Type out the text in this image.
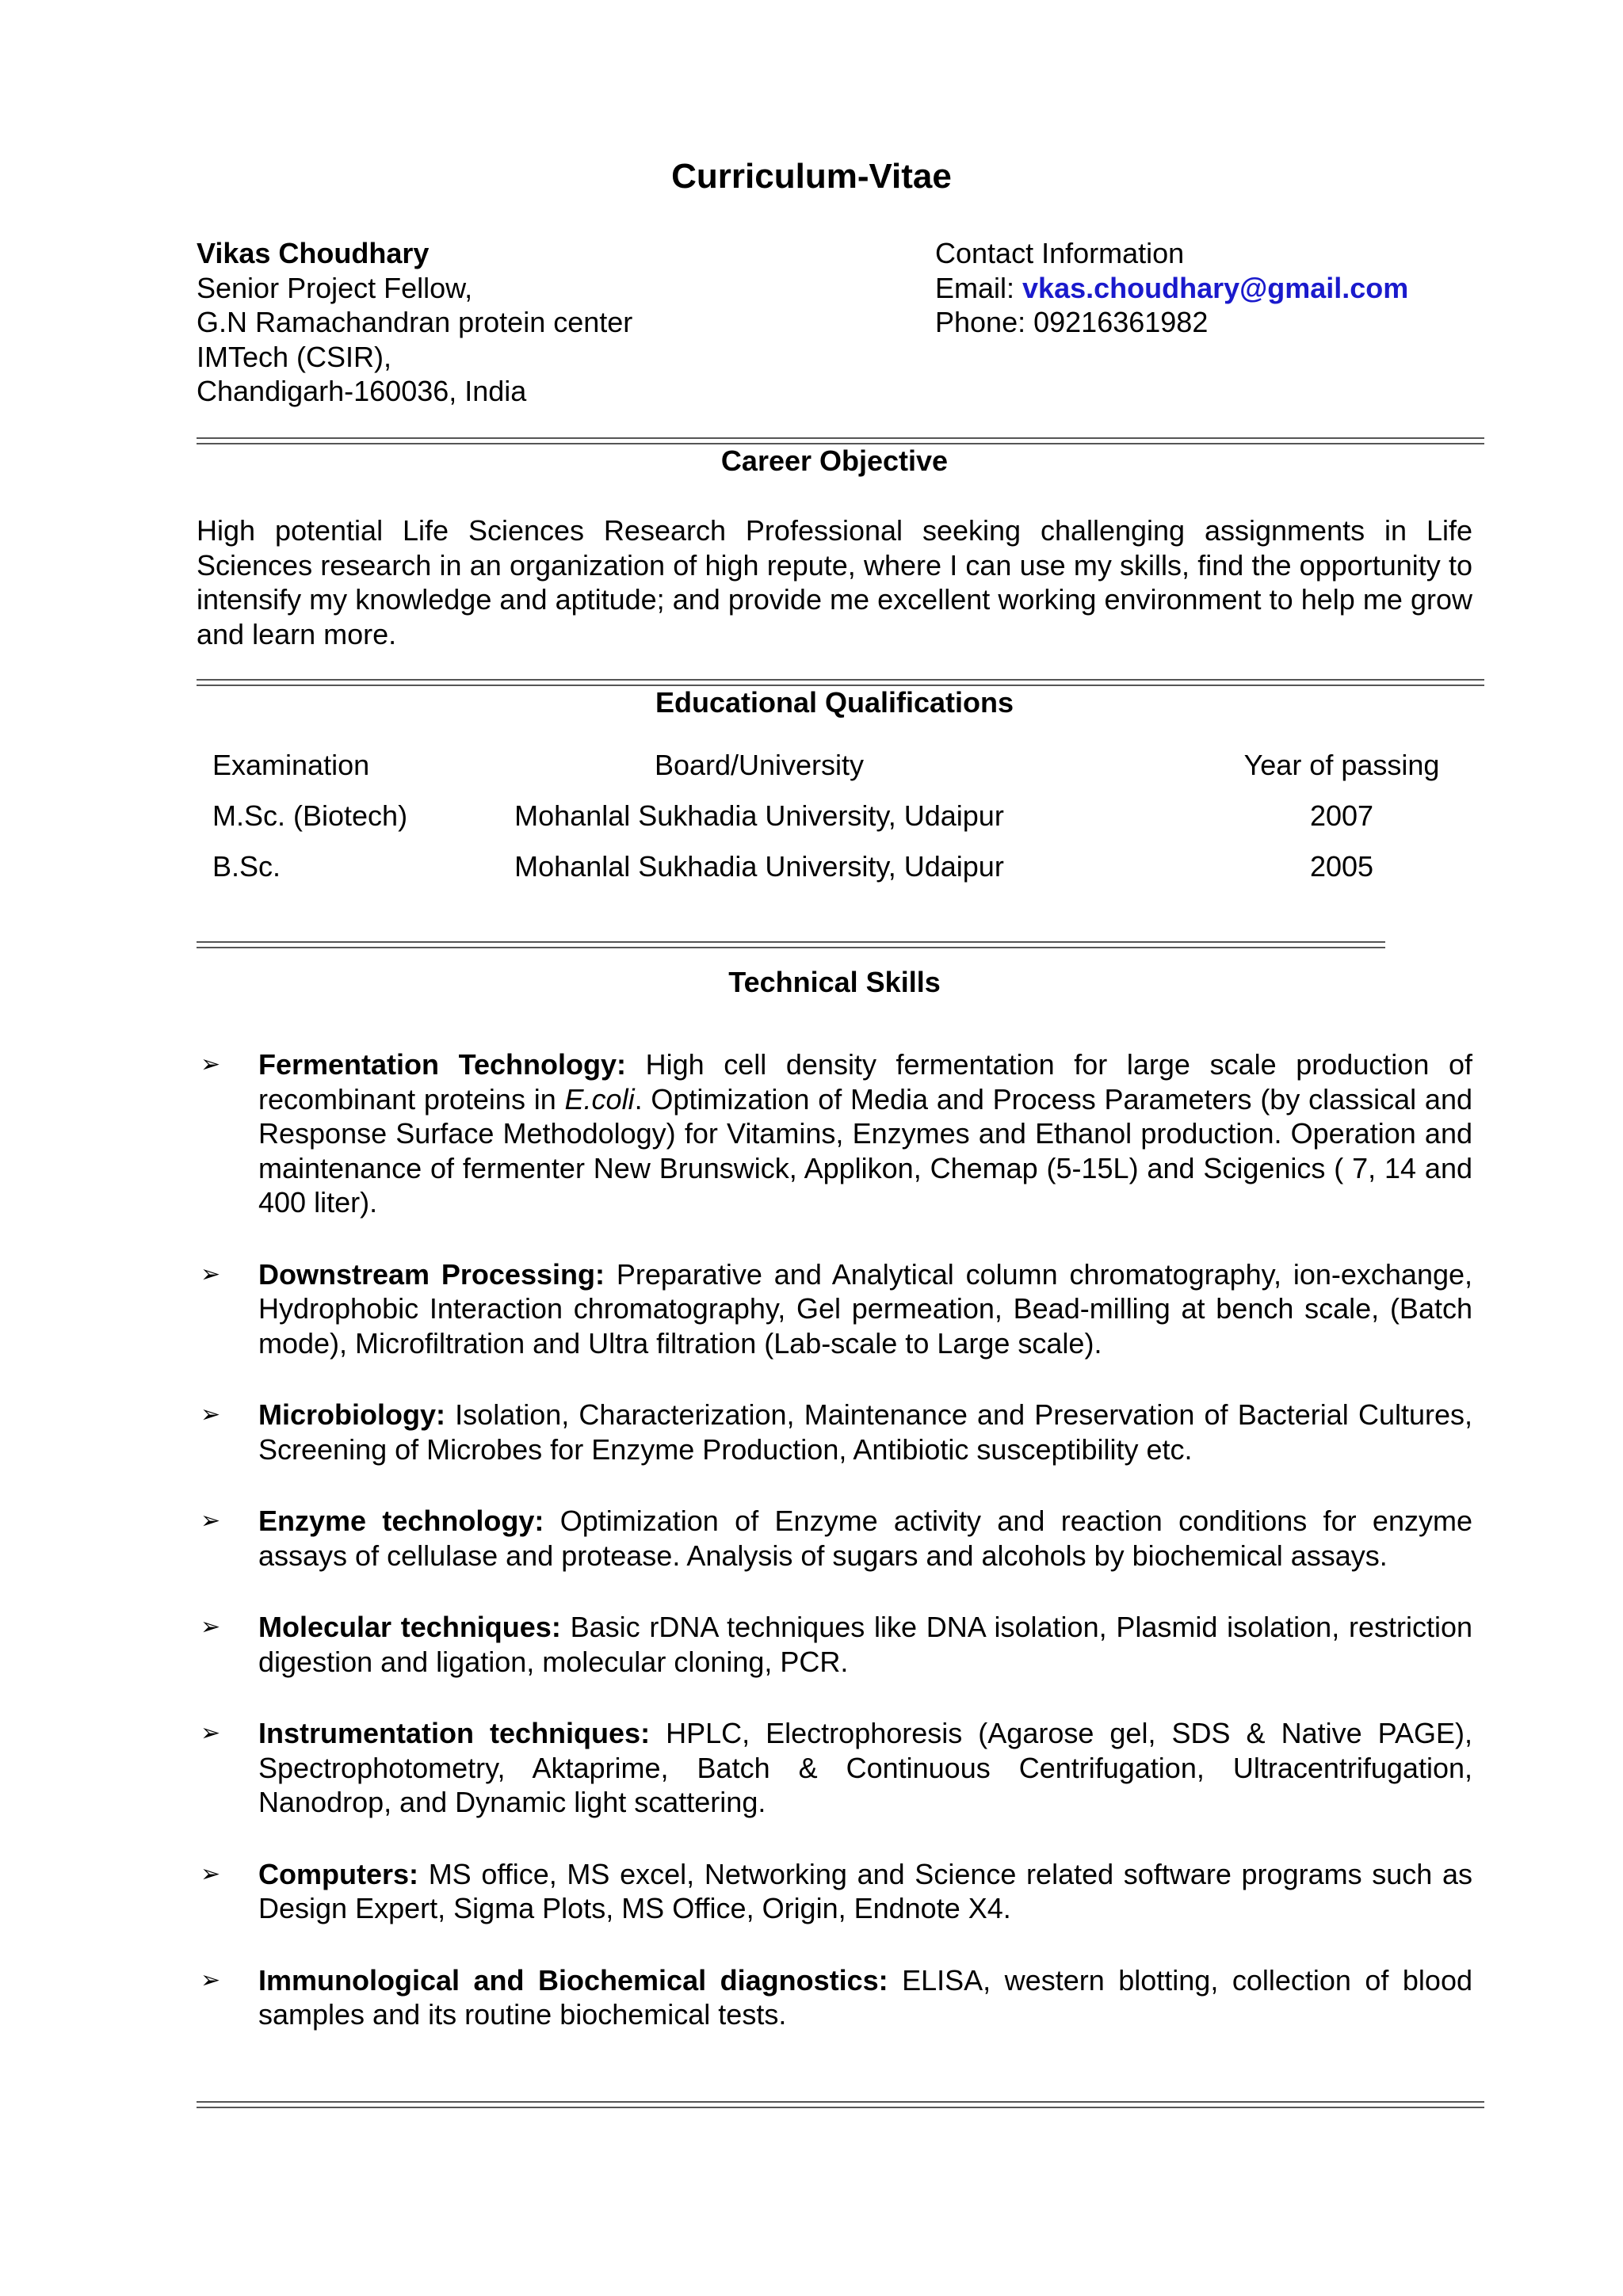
Curriculum-Vitae
Vikas Choudhary
Senior Project Fellow,
G.N Ramachandran protein center
IMTech (CSIR),
Chandigarh-160036, India
Contact Information
Email: vkas.choudhary@gmail.com
Phone: 09216361982
Career Objective
High potential Life Sciences Research Professional seeking challenging assignments in Life Sciences research in an organization of high repute, where I can use my skills, find the opportunity to intensify my knowledge and aptitude; and provide me excellent working environment to help me grow and learn more.
Educational Qualifications
Examination	Board/University	Year of passing
M.Sc. (Biotech)	Mohanlal Sukhadia University, Udaipur	2007
B.Sc.	Mohanlal Sukhadia University, Udaipur	2005
Technical Skills
➢ Fermentation Technology: High cell density fermentation for large scale production of recombinant proteins in E.coli. Optimization of Media and Process Parameters (by classical and Response Surface Methodology) for Vitamins, Enzymes and Ethanol production. Operation and maintenance of fermenter New Brunswick, Applikon, Chemap (5-15L) and Scigenics ( 7, 14 and 400 liter).
➢ Downstream Processing: Preparative and Analytical column chromatography, ion-exchange, Hydrophobic Interaction chromatography, Gel permeation, Bead-milling at bench scale, (Batch mode), Microfiltration and Ultra filtration (Lab-scale to Large scale).
➢ Microbiology: Isolation, Characterization, Maintenance and Preservation of Bacterial Cultures, Screening of Microbes for Enzyme Production, Antibiotic susceptibility etc.
➢ Enzyme technology: Optimization of Enzyme activity and reaction conditions for enzyme assays of cellulase and protease. Analysis of sugars and alcohols by biochemical assays.
➢ Molecular techniques: Basic rDNA techniques like DNA isolation, Plasmid isolation, restriction digestion and ligation, molecular cloning, PCR.
➢ Instrumentation techniques: HPLC, Electrophoresis (Agarose gel, SDS & Native PAGE), Spectrophotometry, Aktaprime, Batch & Continuous Centrifugation, Ultracentrifugation, Nanodrop, and Dynamic light scattering.
➢ Computers: MS office, MS excel, Networking and Science related software programs such as Design Expert, Sigma Plots, MS Office, Origin, Endnote X4.
➢ Immunological and Biochemical diagnostics: ELISA, western blotting, collection of blood samples and its routine biochemical tests.
